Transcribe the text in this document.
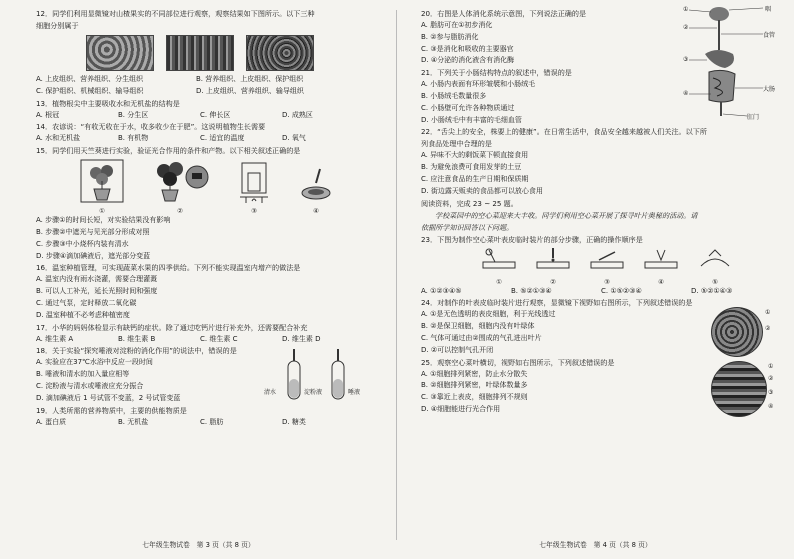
12．同学们利用显微镜对山楂果实的不同部位进行观察，观察结果如下图所示。以下三种
细胞分别属于
A. 上皮组织、营养组织、分生组织	B. 营养组织、上皮组织、保护组织
C. 保护组织、机械组织、输导组织	D. 上皮组织、营养组织、输导组织
13．植物根尖中主要吸收水和无机盐的结构是
A. 根冠	B. 分生区	C. 伸长区	D. 成熟区
14．农谚说：“有收无收在于水，收多收少在于肥”。这说明植物生长需要
A. 水和无机盐	B. 有机物	C. 适宜的温度	D. 氧气
15．同学们用天竺葵进行实验，验证光合作用的条件和产物。以下相关叙述正确的是
①	②	③	④
A. 步骤①的时间长短，对实验结果没有影响
B. 步骤②中遮光与见光部分形成对照
C. 步骤③中小烧杯内装有清水
D. 步骤④滴加碘液后，遮光部分变蓝
16．温室种植管理，可实现蔬菜水果的四季供给。下列不能实现温室内增产的做法是
A. 温室内没有雨水浇灌，需要合理灌溉
B. 可以人工补光，延长光照时间和强度
C. 通过气泵，定时释放二氧化碳
D. 温室种植不必考虑种植密度
17．小华的妈妈体检显示有缺钙的症状。除了通过吃钙片进行补充外，还需要配合补充
A. 维生素 A	B. 维生素 B	C. 维生素 C	D. 维生素 D
18．关于实验“探究唾液对淀粉的消化作用”的说法中，错误的是
A. 实验应在37℃水浴中反应一段时间
B. 唾液和清水的加入量应相等
C. 淀粉液与清水或唾液应充分振合
D. 滴加碘液后 1 号试管不变蓝，2 号试管变蓝
清水	淀粉液	唾液
19．人类所需的营养物质中，主要的供能物质是
A. 蛋白质	B. 无机盐	C. 脂肪	D. 糖类
七年级生物试卷　第 3 页（共 8 页）
20．右图是人体消化系统示意图，下列说法正确的是
A. 脂肪可在①初步消化
B. ②参与脂肪消化
C. ③是消化和吸收的主要器官
D. ④分泌的消化液含有消化酶
①
②
③
④
咽
食管
大肠
肛门
21．下列关于小肠结构特点的叙述中，错误的是
A. 小肠内表面有环形皱襞和小肠绒毛
B. 小肠绒毛数量很多
C. 小肠壁可允许各种物质通过
D. 小肠绒毛中有丰富的毛细血管
22．“舌尖上的安全，株要上的健康”。在日常生活中，食品安全越来越被人们关注。以下所
列食品处理中合理的是
A. 异味不大的剩饭菜下顿直接食用
B. 为避免浪费可食用发芽的土豆
C. 应注意食品的生产日期和保质期
D. 街边露天贩卖的食品都可以放心食用
阅读资料，完成 23 ~ 25 题。
学校菜园中的空心菜迎来大丰收。同学们利用空心菜开展了探寻叶片奥秘的活动。请
依据所学知识回答以下问题。
23．下图为制作空心菜叶表皮临时装片的部分步骤，正确的操作顺序是
①	②	③	④	⑤
A. ①②③④⑤	B. ⑤②①③④	C. ①⑤②③④	D. ⑤②①④③
24．对制作的叶表皮临时装片进行观察，显微镜下视野如右图所示，下列叙述错误的是
A. ①是无色透明的表皮细胞，利于光线透过
B. ②是保卫细胞，细胞内没有叶绿体
C. 气体可通过由②围成的气孔进出叶片
D. ②可以控制气孔开闭
①
②
25．观察空心菜叶横切，视野如右图所示，下列叙述错误的是
A. ①细胞排列紧密，防止水分散失
B. ②细胞排列紧密，叶绿体数量多
C. ③靠近上表皮，细胞排列不规则
D. ④细胞能进行光合作用
①
②
③
④
七年级生物试卷　第 4 页（共 8 页）
